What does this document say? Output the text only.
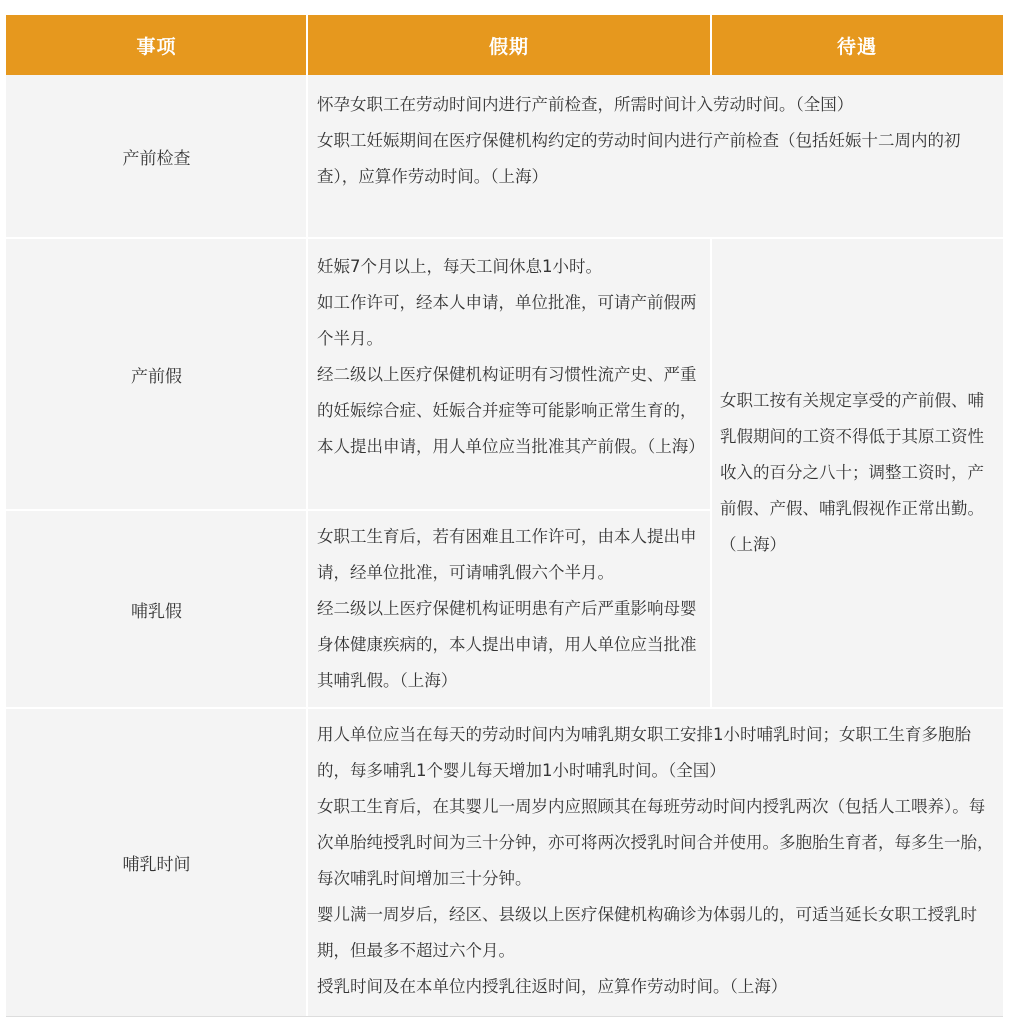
事项	假期	待遇
产前检查

怀孕女职工在劳动时间内进行产前检查，所需时间计入劳动时间。（全国）

女职工妊娠期间在医疗保健机构约定的劳动时间内进行产前检查（包括妊娠十二周内的初查），应算作劳动时间。（上海）

产前假

妊娠7个月以上，每天工间休息1小时。

如工作许可，经本人申请，单位批准，可请产前假两个半月。

经二级以上医疗保健机构证明有习惯性流产史、严重的妊娠综合症、妊娠合并症等可能影响正常生育的，本人提出申请，用人单位应当批准其产前假。（上海）

女职工按有关规定享受的产前假、哺乳假期间的工资不得低于其原工资性收入的百分之八十；调整工资时，产前假、产假、哺乳假视作正常出勤。（上海）

哺乳假

女职工生育后，若有困难且工作许可，由本人提出申请，经单位批准，可请哺乳假六个半月。

经二级以上医疗保健机构证明患有产后严重影响母婴身体健康疾病的，本人提出申请，用人单位应当批准其哺乳假。（上海）

哺乳时间

用人单位应当在每天的劳动时间内为哺乳期女职工安排1小时哺乳时间；女职工生育多胞胎的，每多哺乳1个婴儿每天增加1小时哺乳时间。（全国）

女职工生育后，在其婴儿一周岁内应照顾其在每班劳动时间内授乳两次（包括人工喂养）。每次单胎纯授乳时间为三十分钟，亦可将两次授乳时间合并使用。多胞胎生育者，每多生一胎，每次哺乳时间增加三十分钟。

婴儿满一周岁后，经区、县级以上医疗保健机构确诊为体弱儿的，可适当延长女职工授乳时期，但最多不超过六个月。

授乳时间及在本单位内授乳往返时间，应算作劳动时间。（上海）
